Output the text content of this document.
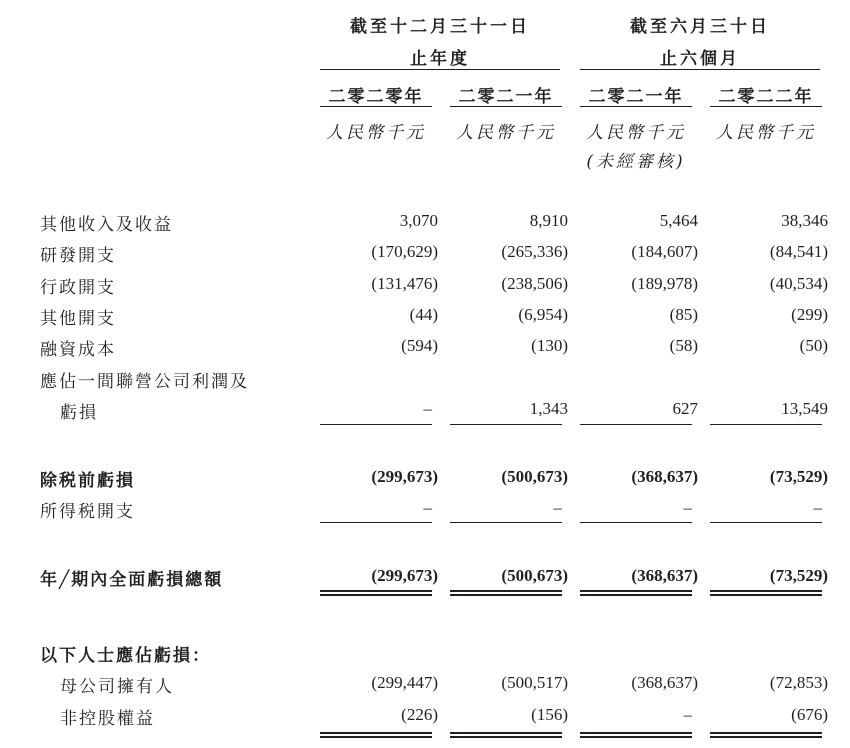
截至十二月三十一日
止年度
截至六月三十日
止六個月
二零二零年	二零二一年	二零二一年	二零二二年
人民幣千元	人民幣千元	人民幣千元	人民幣千元
(未經審核)
其他收入及收益	3,070	8,910	5,464	38,346
研發開支	(170,629)	(265,336)	(184,607)	(84,541)
行政開支	(131,476)	(238,506)	(189,978)	(40,534)
其他開支	(44)	(6,954)	(85)	(299)
融資成本	(594)	(130)	(58)	(50)
應佔一間聯營公司利潤及
虧損	–	1,343	627	13,549
除税前虧損	(299,673)	(500,673)	(368,637)	(73,529)
所得税開支	–	–	–	–
年╱期內全面虧損總額	(299,673)	(500,673)	(368,637)	(73,529)
以下人士應佔虧損：
母公司擁有人	(299,447)	(500,517)	(368,637)	(72,853)
非控股權益	(226)	(156)	–	(676)
